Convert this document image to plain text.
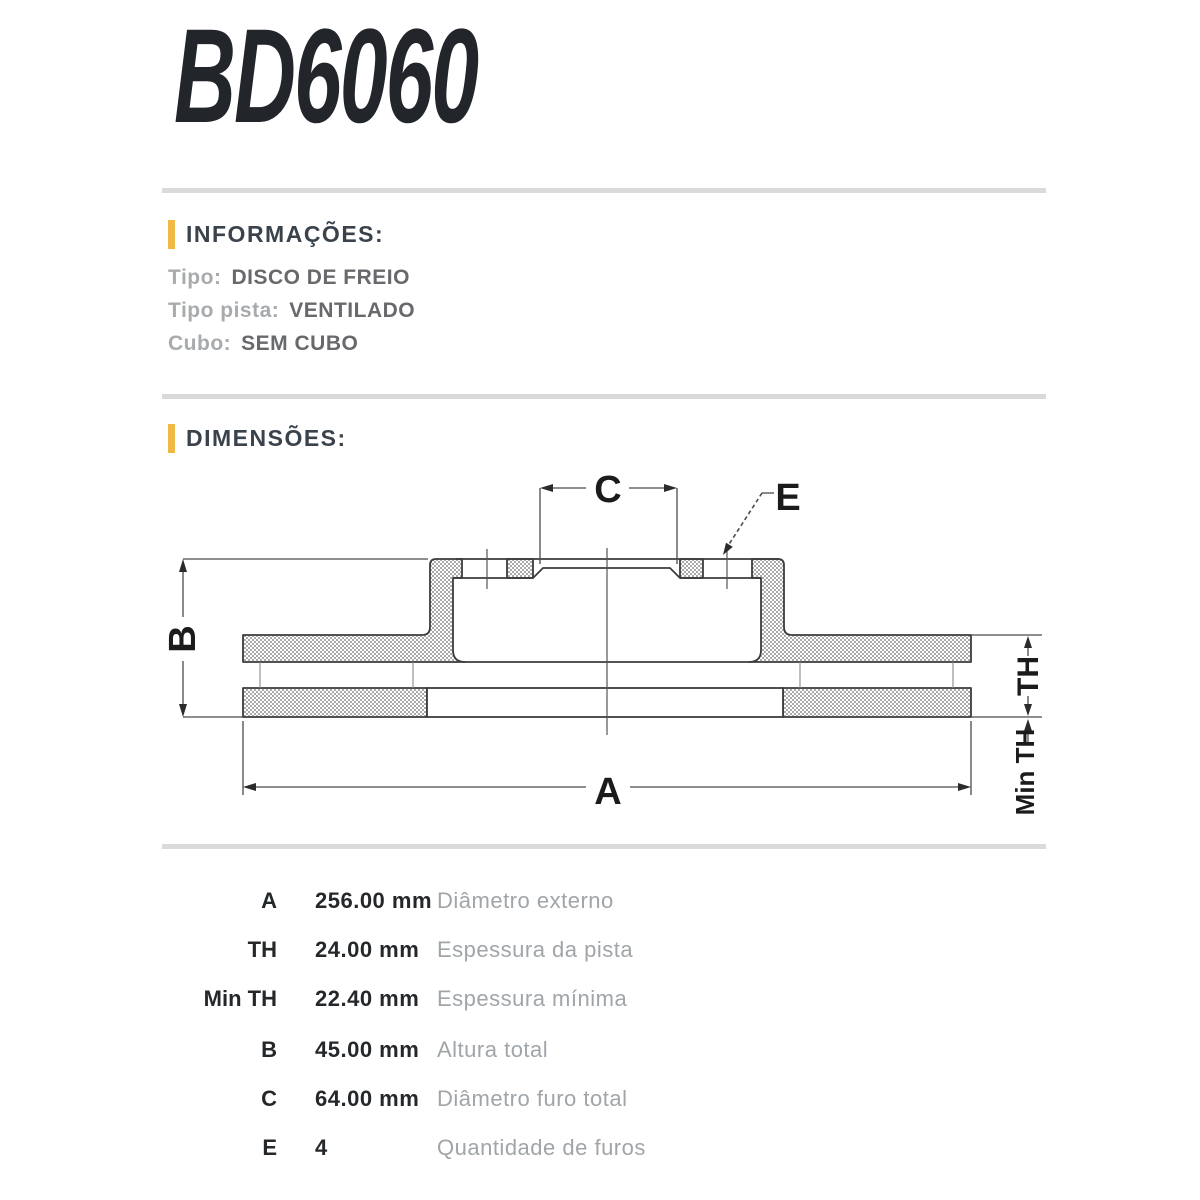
BD6060
INFORMAÇÕES:
Tipo: DISCO DE FREIO
Tipo pista: VENTILADO
Cubo: SEM CUBO
DIMENSÕES:
C	E
B
A
TH
Min TH
A 256.00 mm Diâmetro externo
TH 24.00 mm Espessura da pista
Min TH 22.40 mm Espessura mínima
B 45.00 mm Altura total
C 64.00 mm Diâmetro furo total
E 4	Quantidade de furos
